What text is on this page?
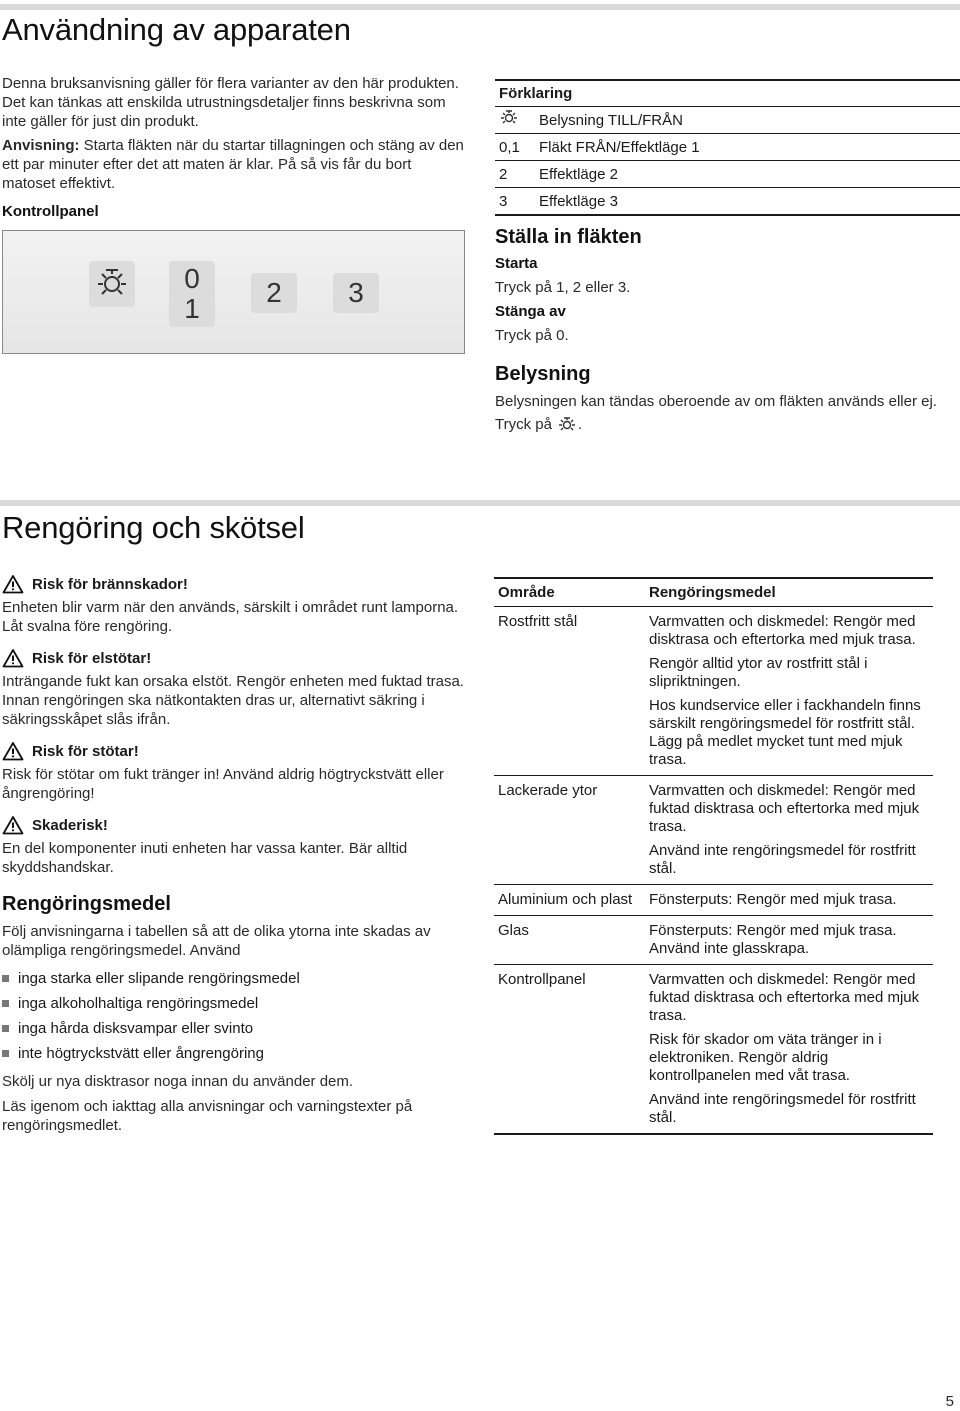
Användning av apparaten

Denna bruksanvisning gäller för flera varianter av den här produkten. Det kan tänkas att enskilda utrustningsdetaljer finns beskrivna som inte gäller för just din produkt.

Anvisning: Starta fläkten när du startar tillagningen och stäng av den ett par minuter efter det att maten är klar. På så vis får du bort matoset effektivt.

Kontrollpanel

0
1
2 3
Förklaring
Belysning TILL/FRÅN
0,1	Fläkt FRÅN/Effektläge 1
2	Effektläge 2
3	Effektläge 3

Ställa in fläkten

Starta

Tryck på 1, 2 eller 3.

Stänga av

Tryck på 0.

Belysning

Belysningen kan tändas oberoende av om fläkten används eller ej.

Tryck på .

Rengöring och skötsel
Risk för brännskador!

Enheten blir varm när den används, särskilt i området runt lamporna. Låt svalna före rengöring.

Risk för elstötar!

Inträngande fukt kan orsaka elstöt. Rengör enheten med fuktad trasa. Innan rengöringen ska nätkontakten dras ur, alternativt säkring i säkringsskåpet slås ifrån.

Risk för stötar!

Risk för stötar om fukt tränger in! Använd aldrig högtryckstvätt eller ångrengöring!

Skaderisk!

En del komponenter inuti enheten har vassa kanter. Bär alltid skyddshandskar.

Rengöringsmedel

Följ anvisningarna i tabellen så att de olika ytorna inte skadas av olämpliga rengöringsmedel. Använd

inga starka eller slipande rengöringsmedel
inga alkoholhaltiga rengöringsmedel
inga hårda disksvampar eller svinto
inte högtryckstvätt eller ångrengöring

Skölj ur nya disktrasor noga innan du använder dem.

Läs igenom och iakttag alla anvisningar och varningstexter på rengöringsmedlet.

Område	Rengöringsmedel
Rostfritt stål	Varmvatten och diskmedel: Rengör med disktrasa och eftertorka med mjuk trasa.

Rengör alltid ytor av rostfritt stål i slipriktningen.

Hos kundservice eller i fackhandeln finns särskilt rengöringsmedel för rostfritt stål. Lägg på medlet mycket tunt med mjuk trasa.

Lackerade ytor	Varmvatten och diskmedel: Rengör med fuktad disktrasa och eftertorka med mjuk trasa.

Använd inte rengöringsmedel för rostfritt stål.

Aluminium och plast	Fönsterputs: Rengör med mjuk trasa.

Glas	Fönsterputs: Rengör med mjuk trasa. Använd inte glasskrapa.

Kontrollpanel	Varmvatten och diskmedel: Rengör med fuktad disktrasa och eftertorka med mjuk trasa.

Risk för skador om väta tränger in i elektroniken. Rengör aldrig kontrollpanelen med våt trasa.

Använd inte rengöringsmedel för rostfritt stål.

5
